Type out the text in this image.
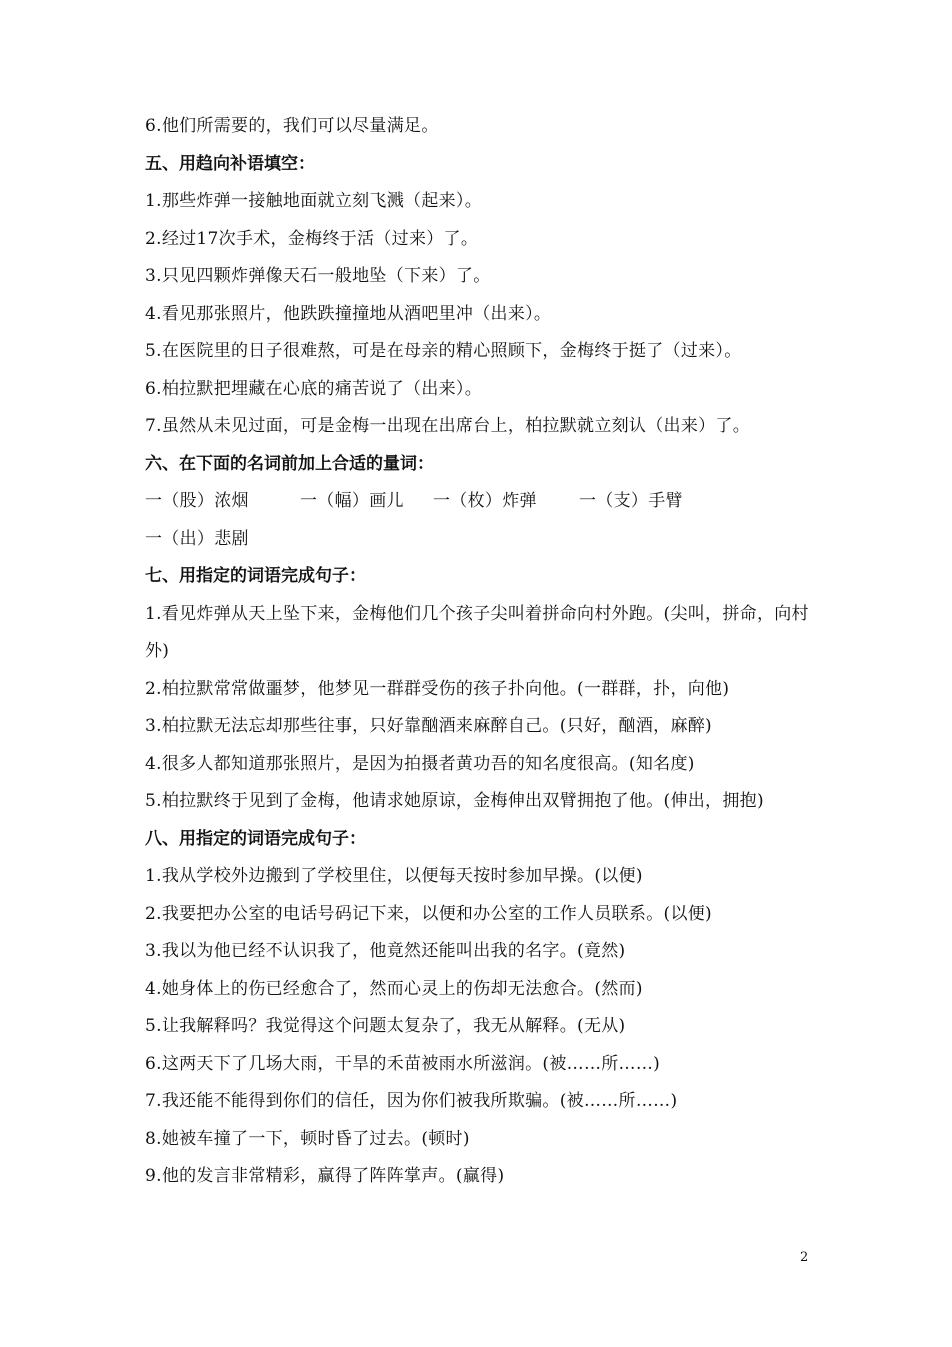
6.他们所需要的，我们可以尽量满足。
五、用趋向补语填空：
1.那些炸弹一接触地面就立刻飞溅（起来）。
2.经过17次手术，金梅终于活（过来）了。
3.只见四颗炸弹像天石一般地坠（下来）了。
4.看见那张照片，他跌跌撞撞地从酒吧里冲（出来）。
5.在医院里的日子很难熬，可是在母亲的精心照顾下，金梅终于挺了（过来）。
6.柏拉默把埋藏在心底的痛苦说了（出来）。
7.虽然从未见过面，可是金梅一出现在出席台上，柏拉默就立刻认（出来）了。
六、在下面的名词前加上合适的量词：
一（股）浓烟	一（幅）画儿 一（枚）炸弹 一（支）手臂
一（出）悲剧
七、用指定的词语完成句子：
1.看见炸弹从天上坠下来，金梅他们几个孩子尖叫着拼命向村外跑。(尖叫，拼命，向村外)
2.柏拉默常常做噩梦，他梦见一群群受伤的孩子扑向他。(一群群，扑，向他)
3.柏拉默无法忘却那些往事，只好靠酗酒来麻醉自己。(只好，酗酒，麻醉)
4.很多人都知道那张照片，是因为拍摄者黄功吾的知名度很高。(知名度)
5.柏拉默终于见到了金梅，他请求她原谅，金梅伸出双臂拥抱了他。(伸出，拥抱)
八、用指定的词语完成句子：
1.我从学校外边搬到了学校里住，以便每天按时参加早操。(以便)
2.我要把办公室的电话号码记下来，以便和办公室的工作人员联系。(以便)
3.我以为他已经不认识我了，他竟然还能叫出我的名字。(竟然)
4.她身体上的伤已经愈合了，然而心灵上的伤却无法愈合。(然而)
5.让我解释吗？我觉得这个问题太复杂了，我无从解释。(无从)
6.这两天下了几场大雨，干旱的禾苗被雨水所滋润。(被……所……)
7.我还能不能得到你们的信任，因为你们被我所欺骗。(被……所……)
8.她被车撞了一下，顿时昏了过去。(顿时)
9.他的发言非常精彩，赢得了阵阵掌声。(赢得)
2
